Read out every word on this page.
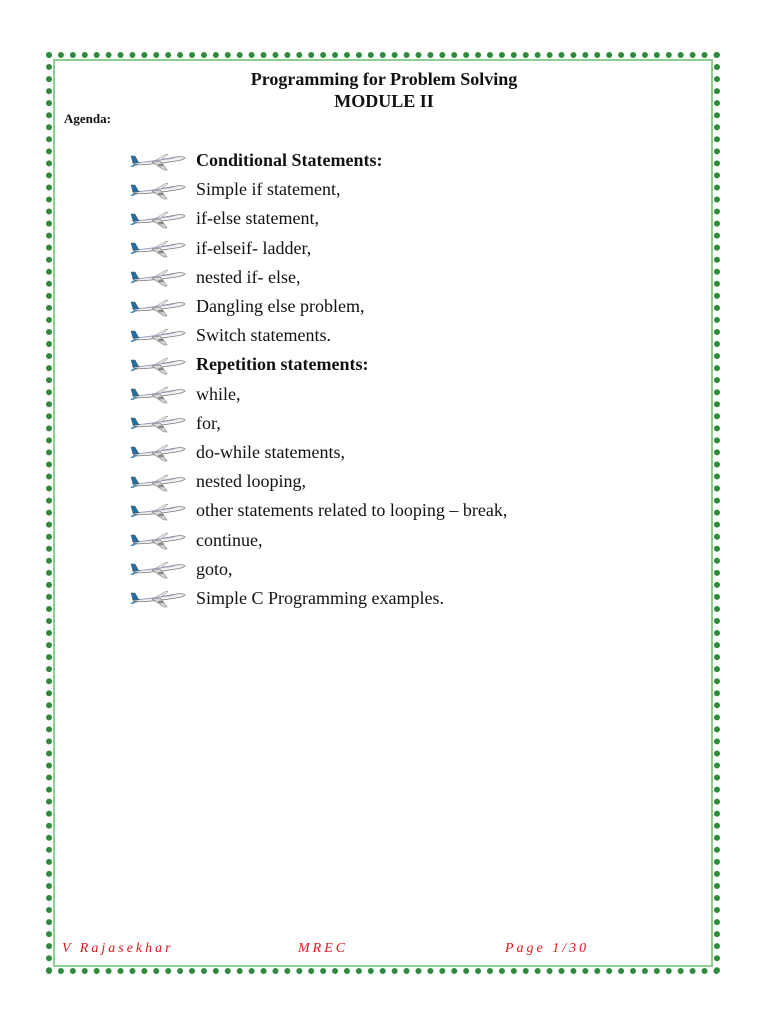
Programming for Problem Solving
MODULE II
Agenda:
Conditional Statements:
Simple if statement,
if-else statement,
if-elseif- ladder,
nested if- else,
Dangling else problem,
Switch statements.
Repetition statements:
while,
for,
do-while statements,
nested looping,
other statements related to looping – break,
continue,
goto,
Simple C Programming examples.
V Rajasekhar	MREC	Page 1/30
